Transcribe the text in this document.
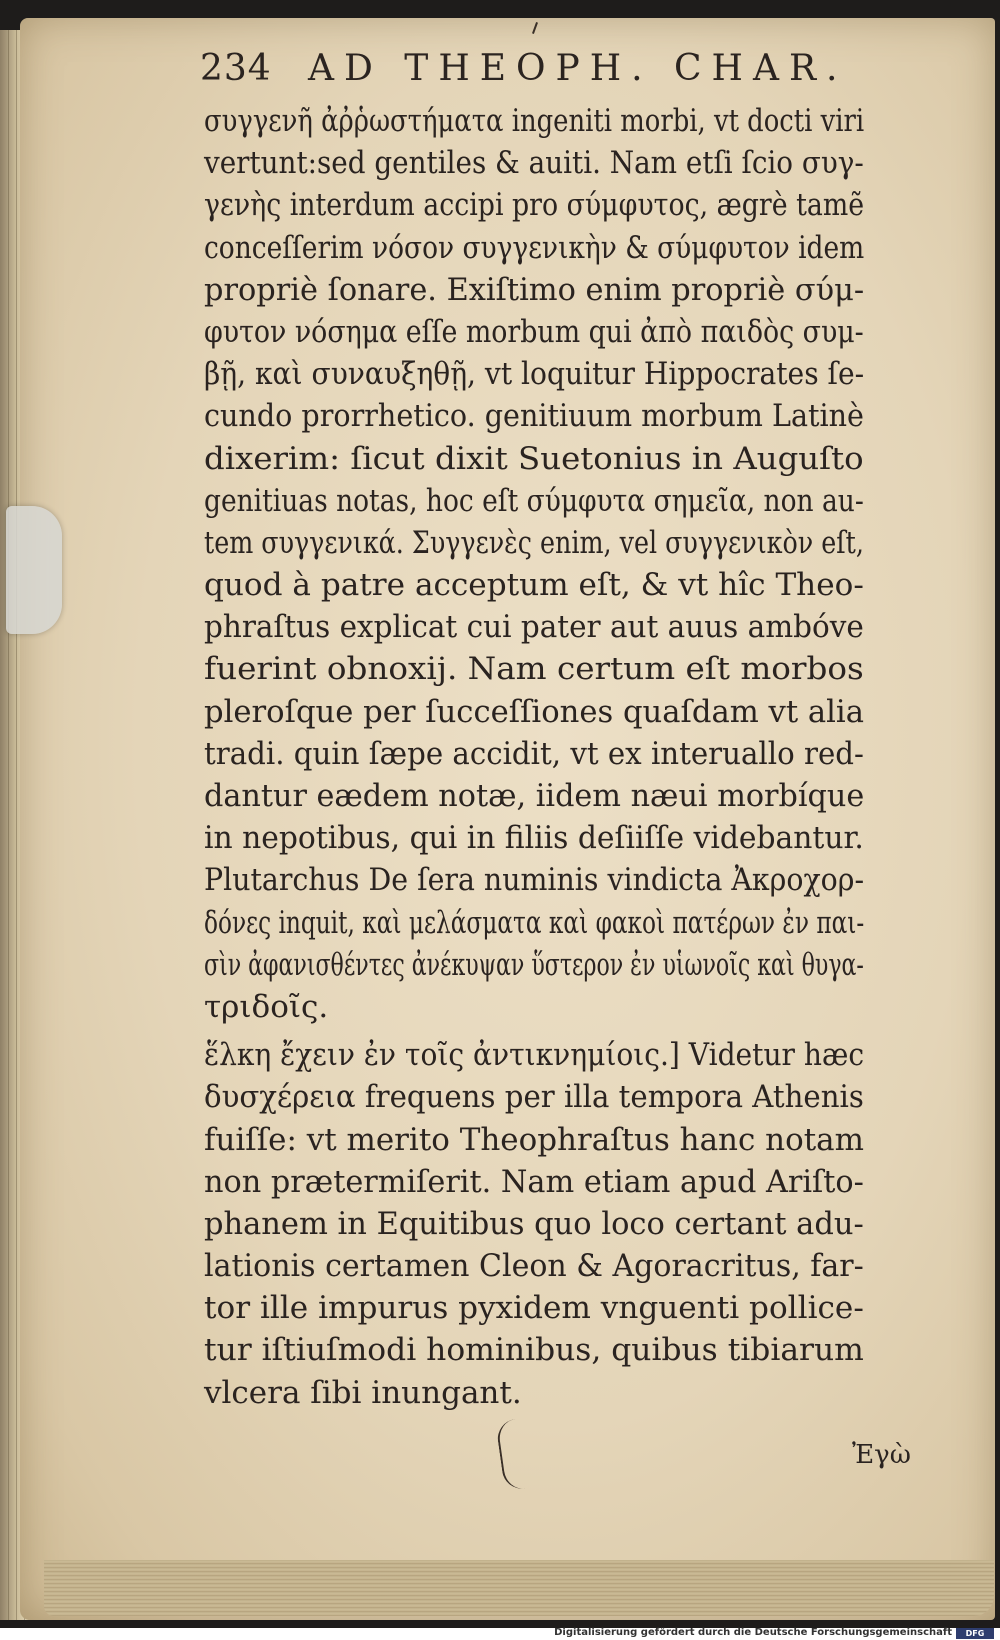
234 AD THEOPH. CHAR.
συγγενῆ ἀῤῥωστήματα ingeniti morbi, vt docti viri
vertunt:sed gentiles & auiti. Nam etſi ſcio συγ-
γενὴς interdum accipi pro σύμφυτος, ægrè tamẽ
conceſſerim νόσον συγγενικὴν & σύμφυτον idem
propriè ſonare. Exiſtimo enim propriè σύμ-
φυτον νόσημα eſſe morbum qui ἀπὸ παιδὸς συμ-
βῇ, καὶ συναυξηθῇ, vt loquitur Hippocrates ſe-
cundo prorrhetico. genitiuum morbum Latinè
dixerim: ſicut dixit Suetonius in Auguſto
genitiuas notas, hoc eſt σύμφυτα σημεῖα, non au-
tem συγγενικά. Συγγενὲς enim, vel συγγενικὸν eſt,
quod à patre acceptum eſt, & vt hîc Theo-
phraſtus explicat cui pater aut auus ambóve
fuerint obnoxij. Nam certum eſt morbos
pleroſque per ſucceſſiones quaſdam vt alia
tradi. quin ſæpe accidit, vt ex interuallo red-
dantur eædem notæ, iidem næui morbíque
in nepotibus, qui in filiis deſiiſſe videbantur.
Plutarchus De ſera numinis vindicta Ἀκροχορ-
δόνες inquit, καὶ μελάσματα καὶ φακοὶ πατέρων ἐν παι-
σὶν ἀφανισθέντες ἀνέκυψαν ὕστερον ἐν υἱωνοῖς καὶ θυγα-
τριδοῖς.
ἕλκη ἔχειν ἐν τοῖς ἀντικνημίοις.] Videtur hæc
δυσχέρεια frequens per illa tempora Athenis
fuiſſe: vt merito Theophraſtus hanc notam
non prætermiſerit. Nam etiam apud Ariſto-
phanem in Equitibus quo loco certant adu-
lationis certamen Cleon & Agoracritus, far-
tor ille impurus pyxidem vnguenti pollice-
tur iſtiuſmodi hominibus, quibus tibiarum
vlcera ſibi inungant.
Ἐγὼ
Digitalisierung gefördert durch die Deutsche Forschungsgemeinschaft	DFG
